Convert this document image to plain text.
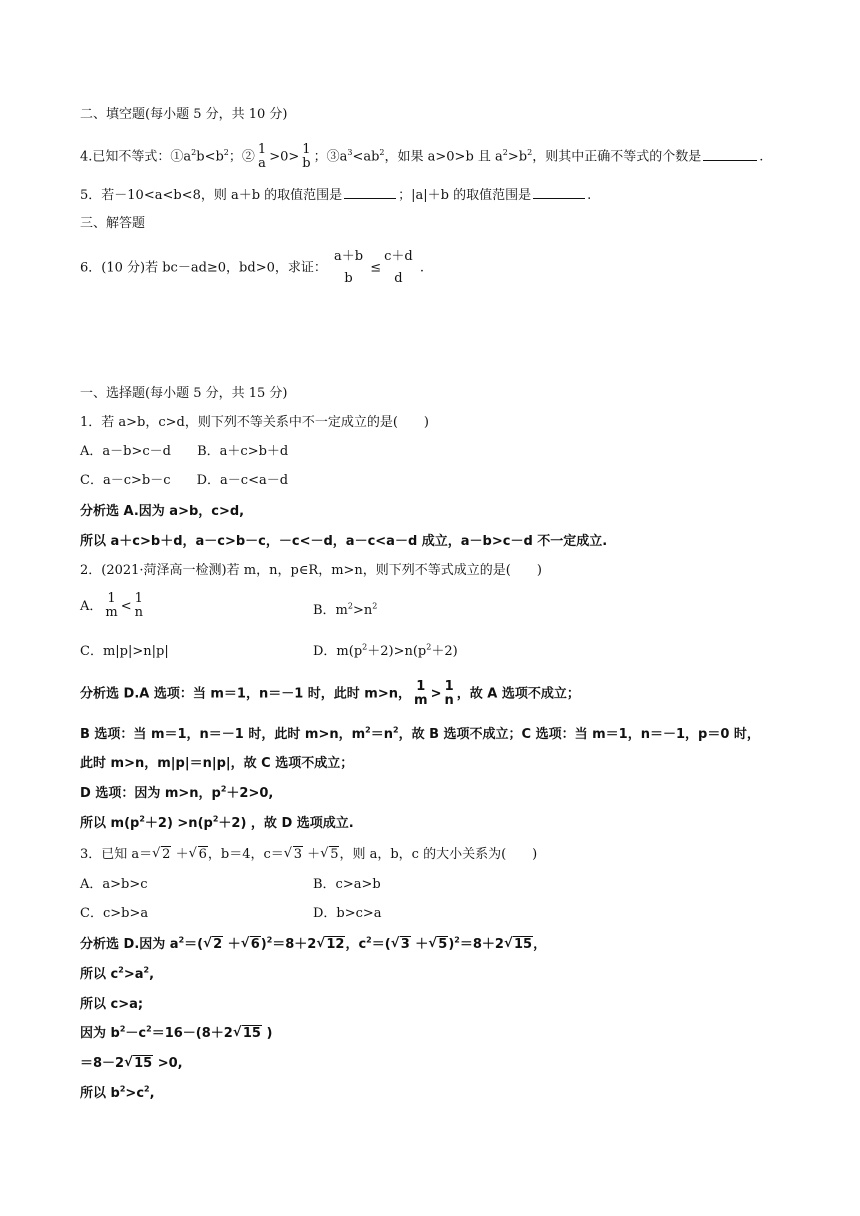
二、填空题(每小题 5 分，共 10 分)
4.已知不等式：$①a^2b<b^2$；② 1
a >0> 1
b ；$③a^3<ab^2$，如果 a>0>b 且 $a^2>b^2$，则其中正确不等式的个数是	.
5．若－10<a<b<8，则 a＋b 的取值范围是	；|a|＋b 的取值范围是	.
三、解答题
6．(10 分)若 bc－ad≥0，bd>0，求证：
a＋b
b
≤
c＋d
d
.
一、选择题(每小题 5 分，共 15 分)
1．若 a>b，c>d，则下列不等关系中不一定成立的是(　　)
A．a－b>c－d B．a＋c>b＋d
C．a－c>b－c D．a－c<a－d
分析选 A.因为 a>b，c>d,
所以 a＋c>b＋d，a－c>b－c，－c<－d，a－c<a－d 成立，a－b>c－d 不一定成立.
2．(2021·菏泽高一检测)若 m，n，p∈R，m>n，则下列不等式成立的是(　　)
A． 1
m < 1
n	B．$m^2>n^2$
C．m|p|>n|p|	D．$m(p^2+2)>n(p^2+2)$
分析选 D.A 选项：当 m＝1，n＝－1 时，此时 m>n， 1
m > 1
n ，故 A 选项不成立；
B 选项：当 m＝1，n＝－1 时，此时 m>n，$m^2=n^2$，故 B 选项不成立；C 选项：当 m＝1，n＝－1，p＝0 时，
此时 m>n，m|p|＝n|p|，故 C 选项不成立；
D 选项：因为 m>n，$p^2+2>0$,
所以 $m(p^2+2) >n(p^2+2)$ ，故 D 选项成立.
3．已知 a＝√ 2 ＋√ 6，b＝4，c＝√ 3 ＋√ 5，则 a，b，c 的大小关系为(　　)
A．a>b>c	B．c>a>b
C．c>b>a	D．b>c>a
分析选 D.因为 $a^2=(√$ 2 ＋√ 6)$^2$＝8＋2√ 12，$c^2=(√$ 3 ＋√ 5)$^2$＝8＋2√ 15，
所以 $c^2>a^2$,
所以 c>a;
因为 $b^2-c^2=16-(8+2√$ 15 )
＝8－2√ 15 >0,
所以 $b^2>c^2$,
